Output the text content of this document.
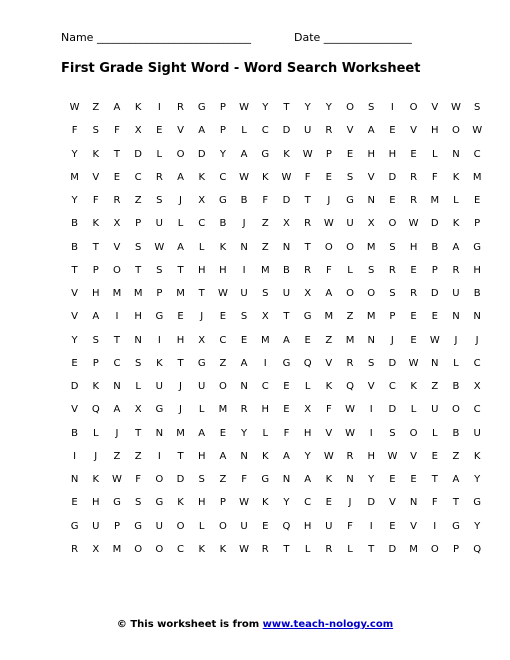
Name ____________________________	Date ________________
First Grade Sight Word - Word Search Worksheet
W	Z	A	K	I	R	G	P	W	Y	T	Y	Y	O	S	I	O	V	W	S
F	S	F	X	E	V	A	P	L	C	D	U	R	V	A	E	V	H	O	W
Y	K	T	D	L	O	D	Y	A	G	K	W	P	E	H	H	E	L	N	C
M	V	E	C	R	A	K	C	W	K	W	F	E	S	V	D	R	F	K	M
Y	F	R	Z	S	J	X	G	B	F	D	T	J	G	N	E	R	M	L	E
B	K	X	P	U	L	C	B	J	Z	X	R	W	U	X	O	W	D	K	P
B	T	V	S	W	A	L	K	N	Z	N	T	O	O	M	S	H	B	A	G
T	P	O	T	S	T	H	H	I	M	B	R	F	L	S	R	E	P	R	H
V	H	M	M	P	M	T	W	U	S	U	X	A	O	O	S	R	D	U	B
V	A	I	H	G	E	J	E	S	X	T	G	M	Z	M	P	E	E	N	N
Y	S	T	N	I	H	X	C	E	M	A	E	Z	M	N	J	E	W	J	J
E	P	C	S	K	T	G	Z	A	I	G	Q	V	R	S	D	W	N	L	C
D	K	N	L	U	J	U	O	N	C	E	L	K	Q	V	C	K	Z	B	X
V	Q	A	X	G	J	L	M	R	H	E	X	F	W	I	D	L	U	O	C
B	L	J	T	N	M	A	E	Y	L	F	H	V	W	I	S	O	L	B	U
I	J	Z	Z	I	T	H	A	N	K	A	Y	W	R	H	W	V	E	Z	K
N	K	W	F	O	D	S	Z	F	G	N	A	K	N	Y	E	E	T	A	Y
E	H	G	S	G	K	H	P	W	K	Y	C	E	J	D	V	N	F	T	G
G	U	P	G	U	O	L	O	U	E	Q	H	U	F	I	E	V	I	G	Y
R	X	M	O	O	C	K	K	W	R	T	L	R	L	T	D	M	O	P	Q
© This worksheet is from www.teach-nology.com
